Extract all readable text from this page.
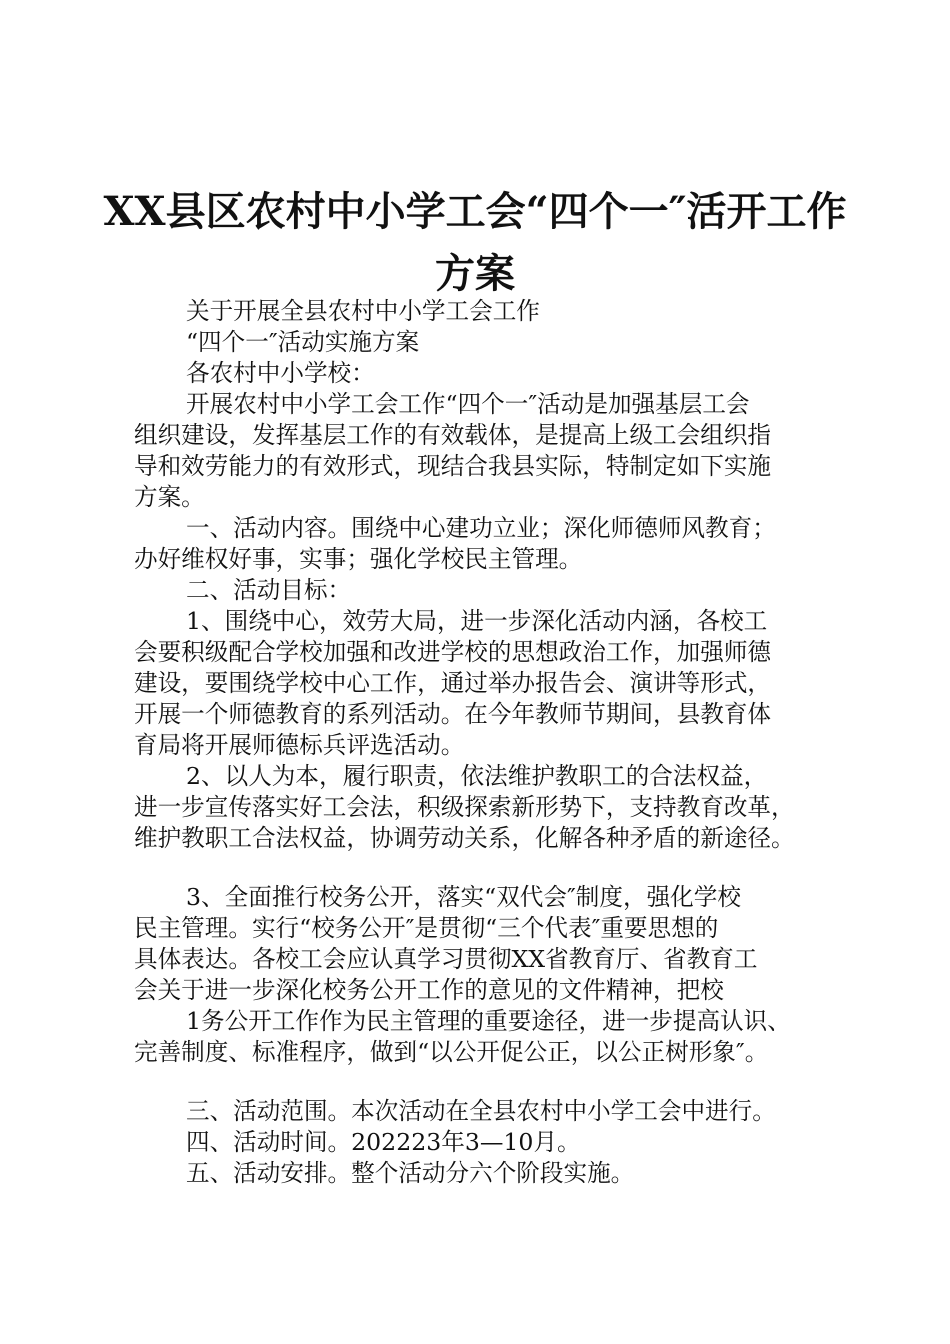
XX县区农村中小学工会“四个一″活开工作
方案
关于开展全县农村中小学工会工作
“四个一″活动实施方案
各农村中小学校：
开展农村中小学工会工作“四个一″活动是加强基层工会
组织建设，发挥基层工作的有效载体，是提高上级工会组织指
导和效劳能力的有效形式，现结合我县实际，特制定如下实施
方案。
一、活动内容。围绕中心建功立业；深化师德师风教育；
办好维权好事，实事；强化学校民主管理。
二、活动目标：
1、围绕中心，效劳大局，进一步深化活动内涵，各校工
会要积级配合学校加强和改进学校的思想政治工作，加强师德
建设，要围绕学校中心工作，通过举办报告会、演讲等形式，
开展一个师德教育的系列活动。在今年教师节期间，县教育体
育局将开展师德标兵评选活动。
2、以人为本，履行职责，依法维护教职工的合法权益，
进一步宣传落实好工会法，积级探索新形势下，支持教育改革，
维护教职工合法权益，协调劳动关系，化解各种矛盾的新途径。
3、全面推行校务公开，落实“双代会″制度，强化学校
民主管理。实行“校务公开″是贯彻“三个代表″重要思想的
具体表达。各校工会应认真学习贯彻XX省教育厅、省教育工
会关于进一步深化校务公开工作的意见的文件精神，把校
1务公开工作作为民主管理的重要途径，进一步提高认识、
完善制度、标准程序，做到“以公开促公正，以公正树形象″。
三、活动范围。本次活动在全县农村中小学工会中进行。
四、活动时间。202223年3—10月。
五、活动安排。整个活动分六个阶段实施。
